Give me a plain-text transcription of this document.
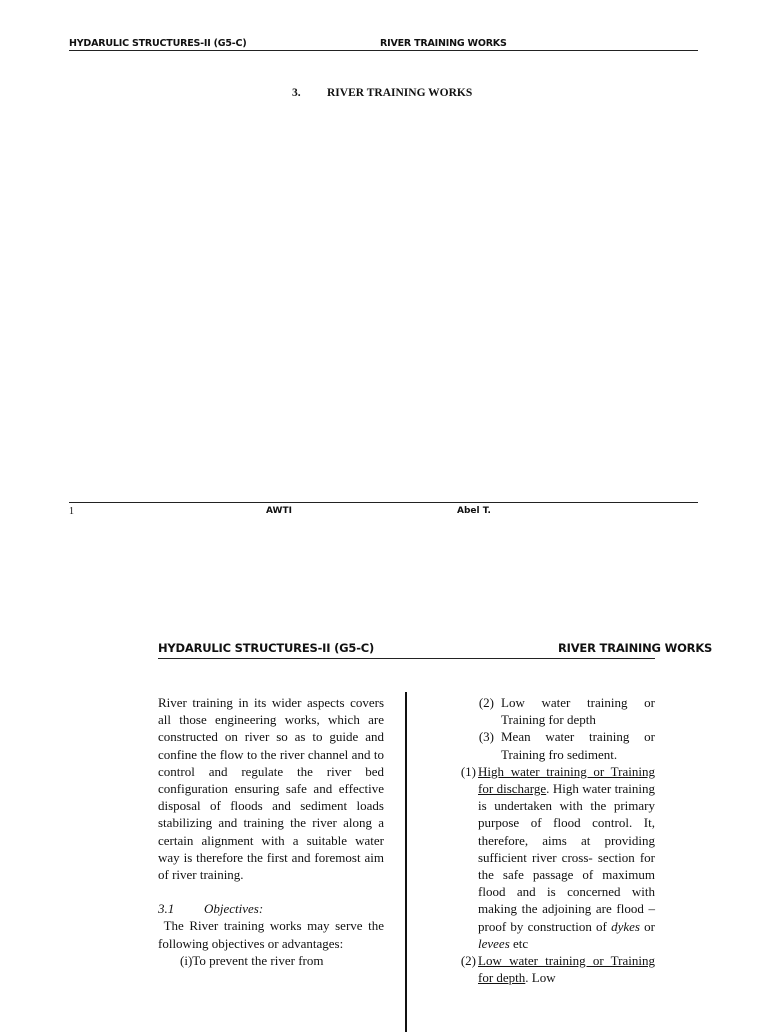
HYDARULIC STRUCTURES-II (G5-C)	RIVER TRAINING WORKS
3. RIVER TRAINING WORKS
1	AWTI	Abel T.
HYDARULIC STRUCTURES-II (G5-C)	RIVER TRAINING WORKS

River training in its wider aspects covers all those engineering works, which are constructed on river so as to guide and confine the flow to the river channel and to control and regulate the river bed configuration ensuring safe and effective disposal of floods and sediment loads stabilizing and training the river along a certain alignment with a suitable water way is therefore the first and foremost aim of river training.

3.1 Objectives:

The River training works may serve the following objectives or advantages:

(i) To prevent the river from
(2) Low water training or Training for depth
(3) Mean water training or Training fro sediment.
(1) High water training or Training for discharge. High water training is undertaken with the primary purpose of flood control. It, therefore, aims at providing sufficient river cross- section for the safe passage of maximum flood and is concerned with making the adjoining are flood – proof by construction of dykes or levees etc
(2) Low water training or Training for depth. Low
